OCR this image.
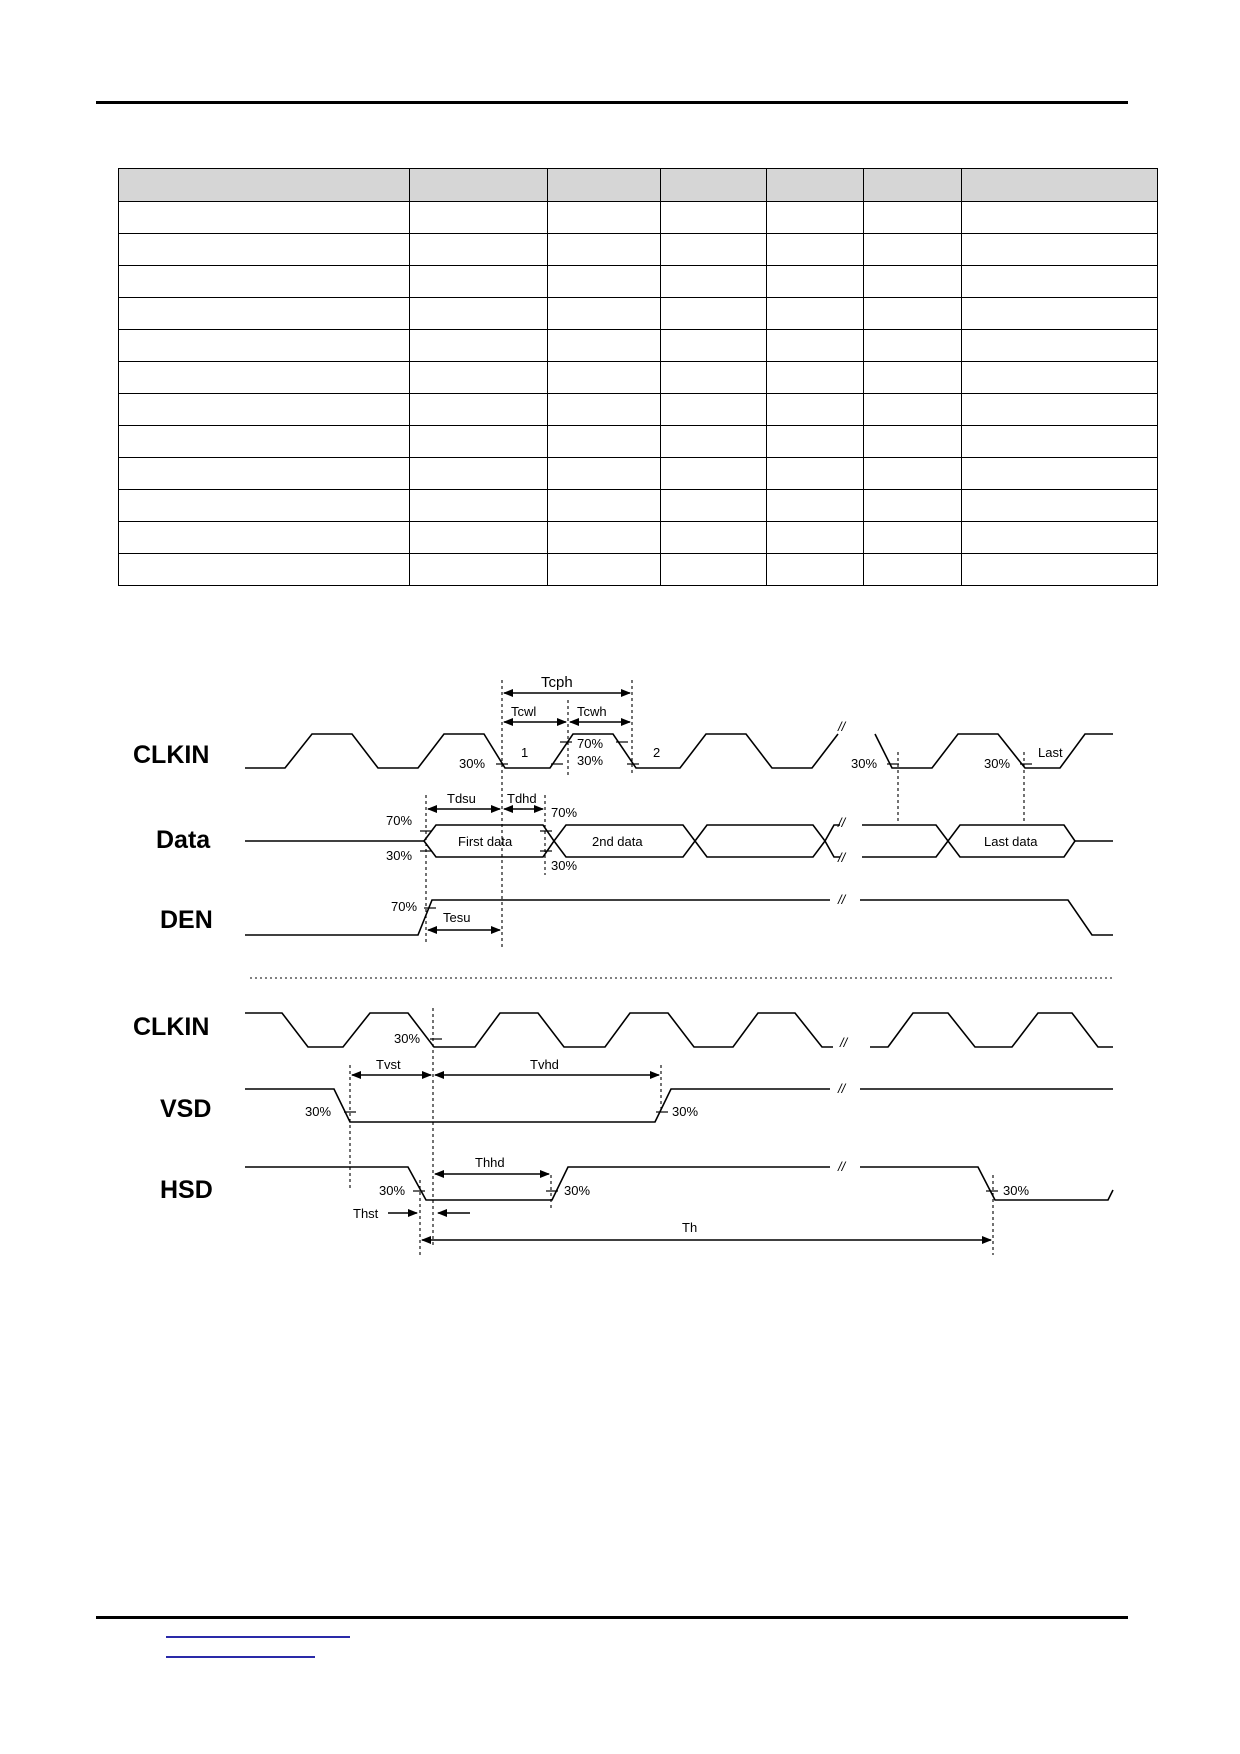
CLKIN
Data
DEN
CLKIN
VSD
HSD
//
//
//
//
//
//
//
Tcph
Tcwl	Tcwh
Tdsu Tdhd
Tesu
Tvst	Tvhd
Thhd
Thst
Th
First data	2nd data	Last data
1	2	Last
30%
70%
30%	30%	30%
70%
30%
70%
30%
70%
30%
30%	30%
30%	30%	30%
